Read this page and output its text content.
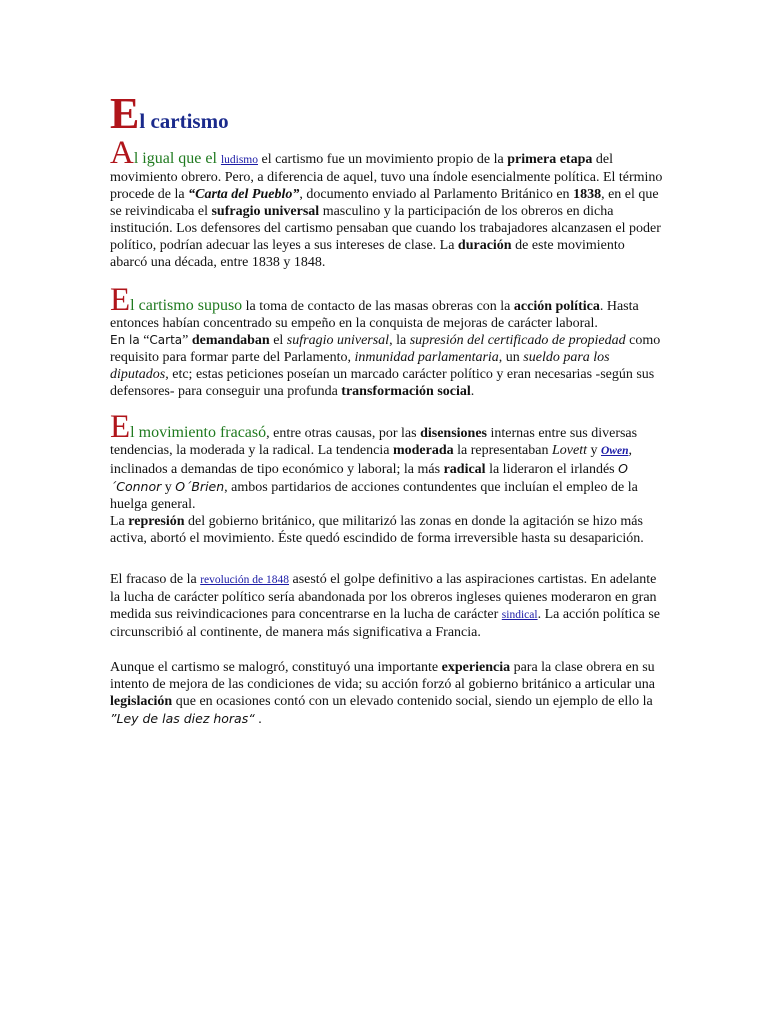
El cartismo

Al igual que el ludismo el cartismo fue un movimiento propio de la primera etapa del movimiento obrero. Pero, a diferencia de aquel, tuvo una índole esencialmente política. El término procede de la “Carta del Pueblo”, documento enviado al Parlamento Británico en 1838, en el que se reivindicaba el sufragio universal masculino y la participación de los obreros en dicha institución. Los defensores del cartismo pensaban que cuando los trabajadores alcanzasen el poder político, podrían adecuar las leyes a sus intereses de clase. La duración de este movimiento abarcó una década, entre 1838 y 1848.

El cartismo supuso la toma de contacto de las masas obreras con la acción política. Hasta entonces habían concentrado su empeño en la conquista de mejoras de carácter laboral.
En la “Carta” demandaban el sufragio universal, la supresión del certificado de propiedad como requisito para formar parte del Parlamento, inmunidad parlamentaria, un sueldo para los diputados, etc; estas peticiones poseían un marcado carácter político y eran necesarias -según sus defensores- para conseguir una profunda transformación social.

El movimiento fracasó, entre otras causas, por las disensiones internas entre sus diversas tendencias, la moderada y la radical. La tendencia moderada la representaban Lovett y Owen, inclinados a demandas de tipo económico y laboral; la más radical la lideraron el irlandés O´Connor y O´Brien, ambos partidarios de acciones contundentes que incluían el empleo de la huelga general.
La represión del gobierno británico, que militarizó las zonas en donde la agitación se hizo más activa, abortó el movimiento. Éste quedó escindido de forma irreversible hasta su desaparición.

El fracaso de la revolución de 1848 asestó el golpe definitivo a las aspiraciones cartistas. En adelante la lucha de carácter político sería abandonada por los obreros ingleses quienes moderaron en gran medida sus reivindicaciones para concentrarse en la lucha de carácter sindical. La acción política se circunscribió al continente, de manera más significativa a Francia.

Aunque el cartismo se malogró, constituyó una importante experiencia para la clase obrera en su intento de mejora de las condiciones de vida; su acción forzó al gobierno británico a articular una legislación que en ocasiones contó con un elevado contenido social, siendo un ejemplo de ello la ”Ley de las diez horas“ .
